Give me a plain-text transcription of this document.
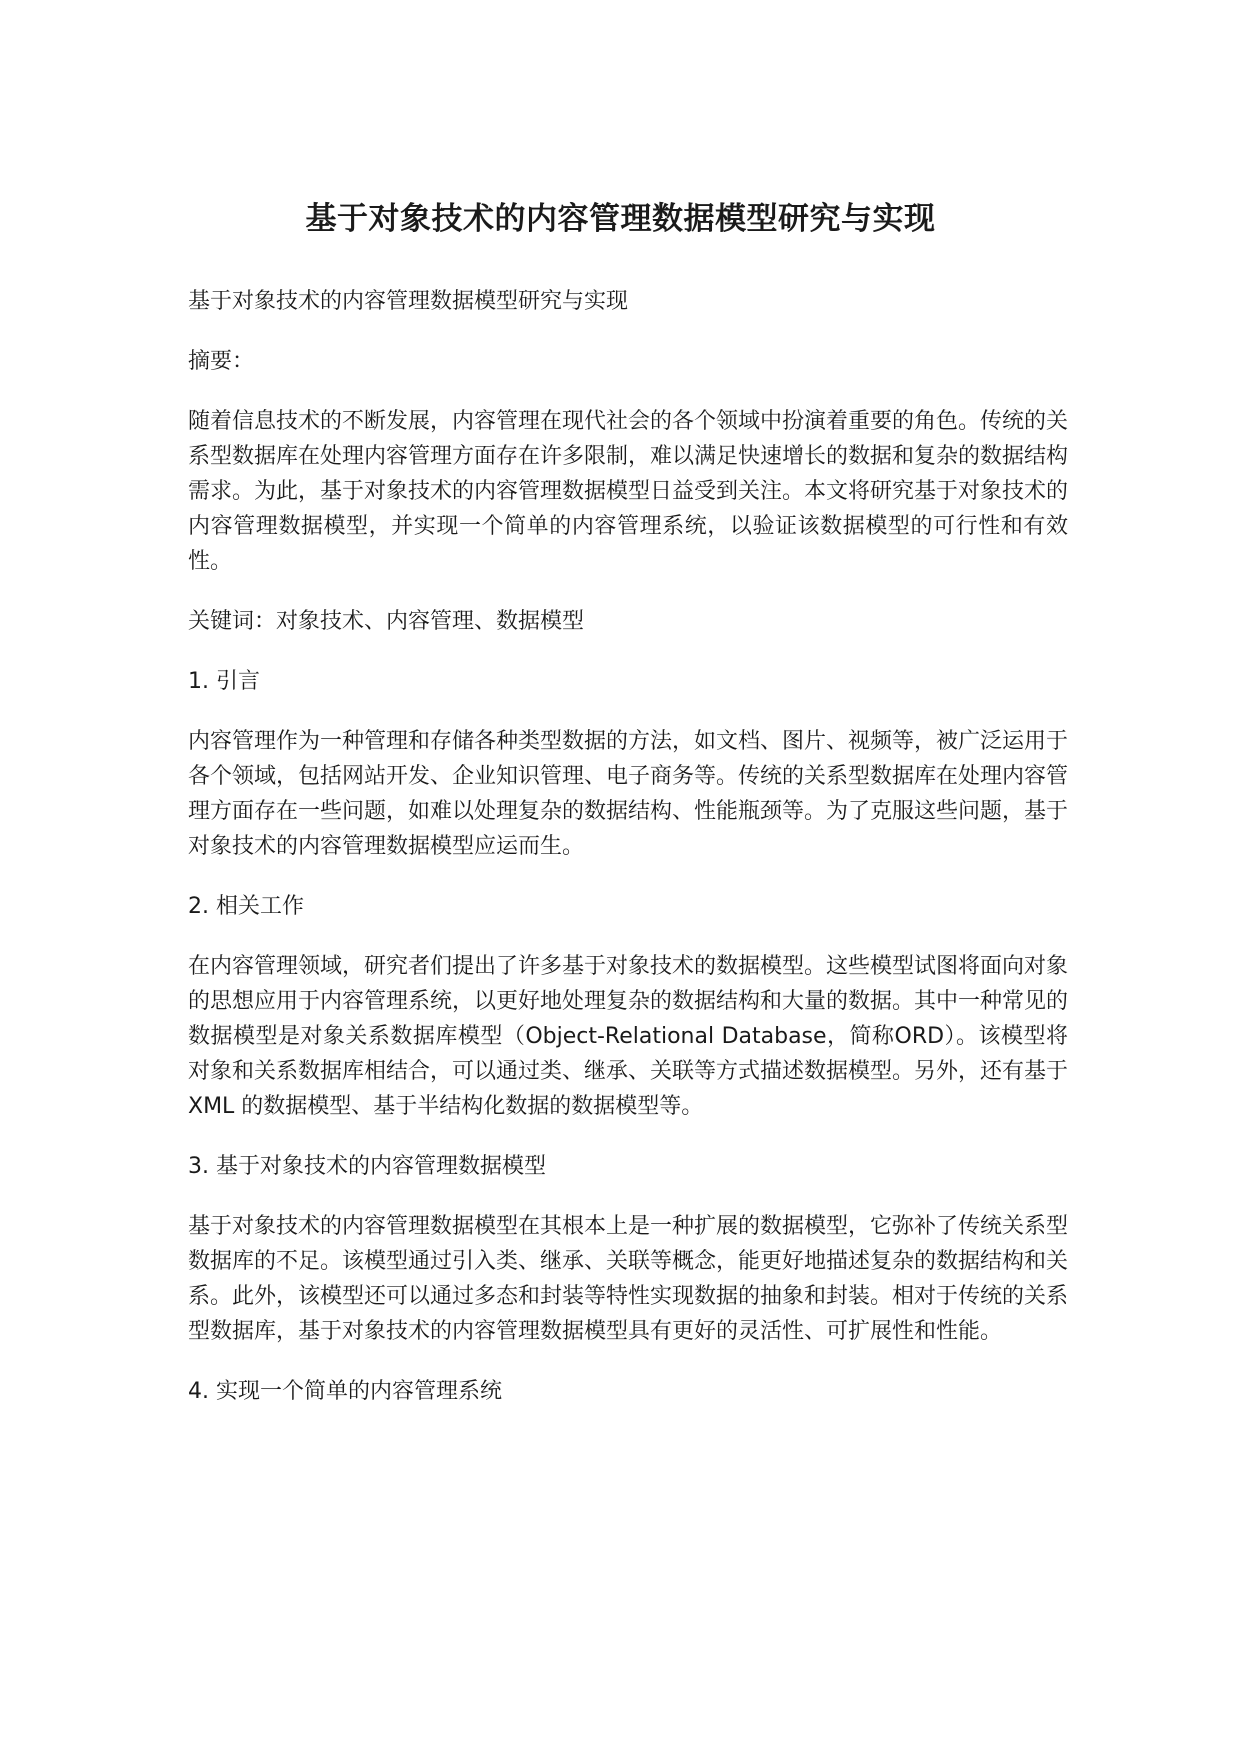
基于对象技术的内容管理数据模型研究与实现

基于对象技术的内容管理数据模型研究与实现

摘要：

随着信息技术的不断发展，内容管理在现代社会的各个领域中扮演着重要的角色。传统的关系型数据库在处理内容管理方面存在许多限制，难以满足快速增长的数据和复杂的数据结构需求。为此，基于对象技术的内容管理数据模型日益受到关注。本文将研究基于对象技术的内容管理数据模型，并实现一个简单的内容管理系统，以验证该数据模型的可行性和有效性。

关键词：对象技术、内容管理、数据模型

1. 引言

内容管理作为一种管理和存储各种类型数据的方法，如文档、图片、视频等，被广泛运用于各个领域，包括网站开发、企业知识管理、电子商务等。传统的关系型数据库在处理内容管理方面存在一些问题，如难以处理复杂的数据结构、性能瓶颈等。为了克服这些问题，基于对象技术的内容管理数据模型应运而生。

2. 相关工作

在内容管理领域，研究者们提出了许多基于对象技术的数据模型。这些模型试图将面向对象的思想应用于内容管理系统，以更好地处理复杂的数据结构和大量的数据。其中一种常见的数据模型是对象关系数据库模型（Object-Relational Database，简称ORD）。该模型将对象和关系数据库相结合，可以通过类、继承、关联等方式描述数据模型。另外，还有基于 XML 的数据模型、基于半结构化数据的数据模型等。

3. 基于对象技术的内容管理数据模型

基于对象技术的内容管理数据模型在其根本上是一种扩展的数据模型，它弥补了传统关系型数据库的不足。该模型通过引入类、继承、关联等概念，能更好地描述复杂的数据结构和关系。此外，该模型还可以通过多态和封装等特性实现数据的抽象和封装。相对于传统的关系型数据库，基于对象技术的内容管理数据模型具有更好的灵活性、可扩展性和性能。

4. 实现一个简单的内容管理系统
